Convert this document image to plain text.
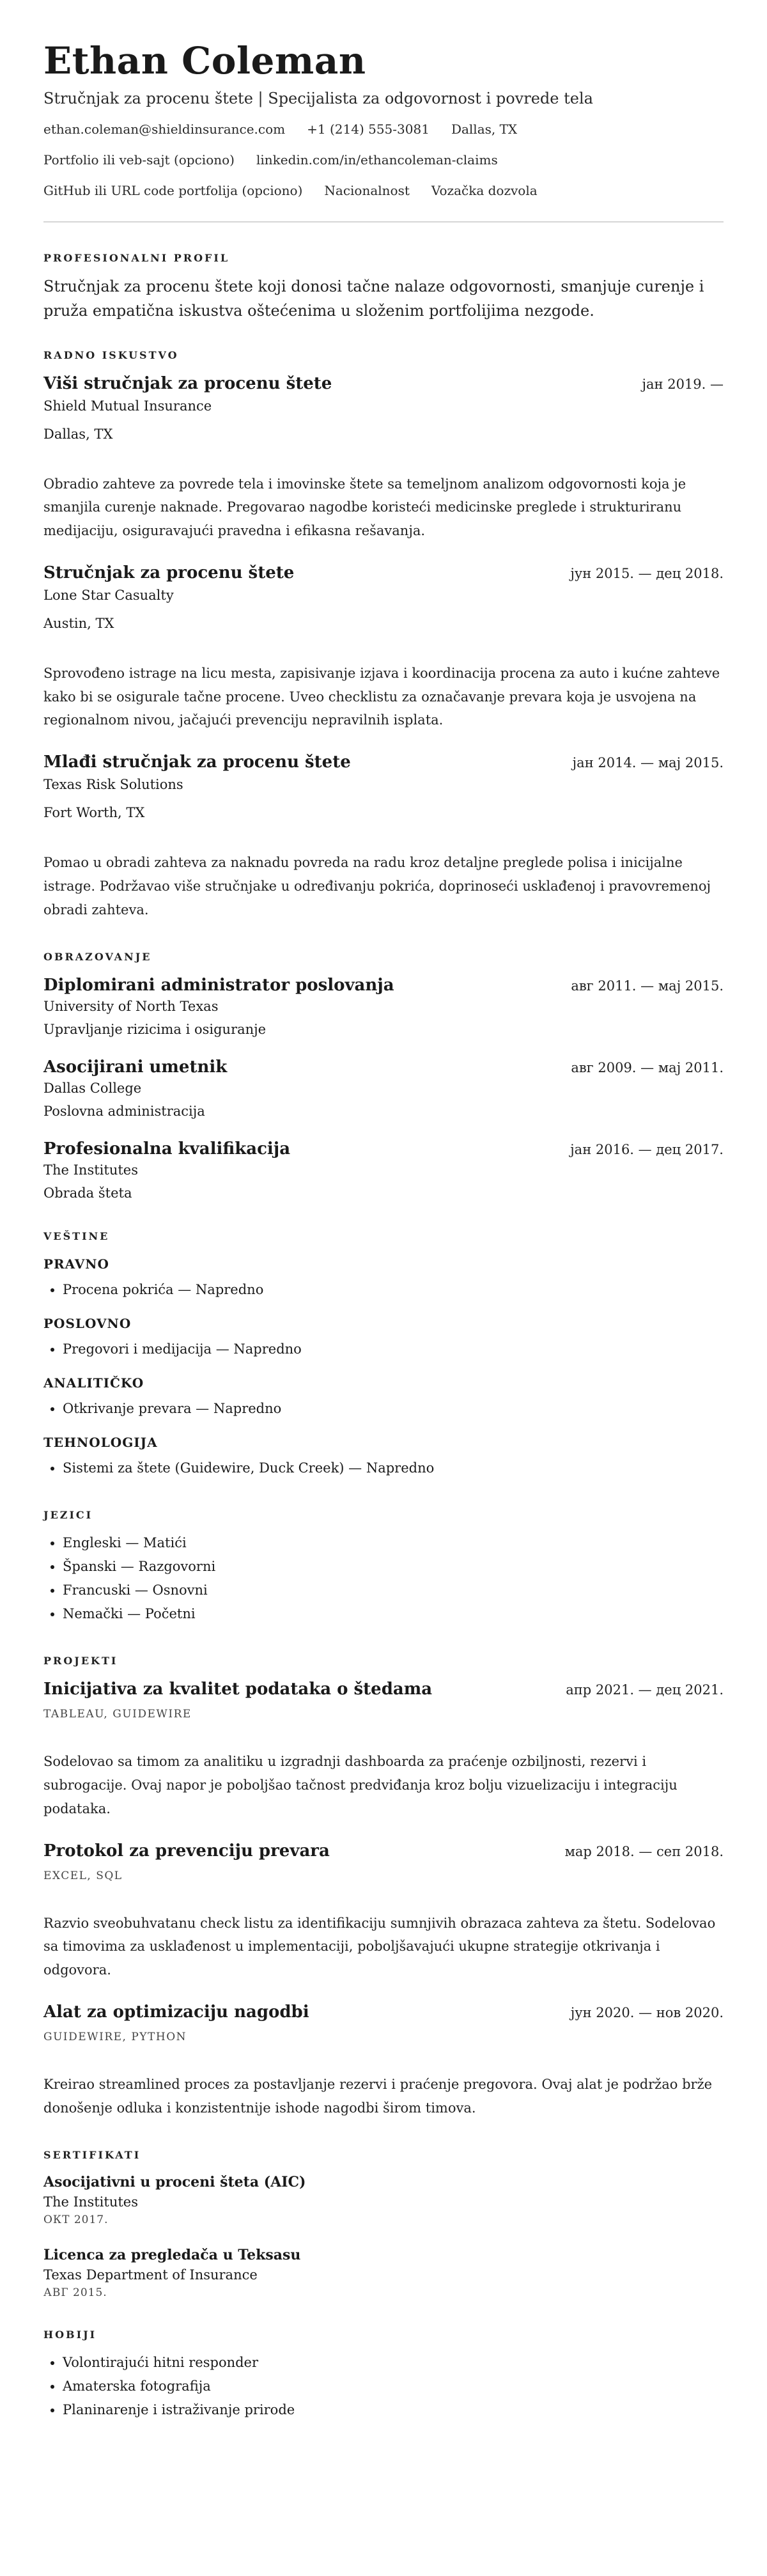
Ethan Coleman
Stručnjak za procenu štete | Specijalista za odgovornost i povrede tela
ethan.coleman@shieldinsurance.com +1 (214) 555-3081 Dallas, TX
Portfolio ili veb-sajt (opciono) linkedin.com/in/ethancoleman-claims
GitHub ili URL code portfolija (opciono) Nacionalnost Vozačka dozvola
PROFESIONALNI PROFIL
Stručnjak za procenu štete koji donosi tačne nalaze odgovornosti, smanjuje curenje i pruža empatična iskustva oštećenima u složenim portfolijima nezgode.
RADNO ISKUSTVO
Viši stručnjak za procenu štete	јан 2019. —
Shield Mutual Insurance
Dallas, TX
Obradio zahteve za povrede tela i imovinske štete sa temeljnom analizom odgovornosti koja je smanjila curenje naknade. Pregovarao nagodbe koristeći medicinske preglede i strukturiranu medijaciju, osiguravajući pravedna i efikasna rešavanja.
Stručnjak za procenu štete	јун 2015. — дец 2018.
Lone Star Casualty
Austin, TX
Sprovođeno istrage na licu mesta, zapisivanje izjava i koordinacija procena za auto i kućne zahteve kako bi se osigurale tačne procene. Uveo checklistu za označavanje prevara koja je usvojena na regionalnom nivou, jačajući prevenciju nepravilnih isplata.
Mlađi stručnjak za procenu štete	јан 2014. — мај 2015.
Texas Risk Solutions
Fort Worth, TX
Pomao u obradi zahteva za naknadu povreda na radu kroz detaljne preglede polisa i inicijalne istrage. Podržavao više stručnjake u određivanju pokrića, doprinoseći usklađenoj i pravovremenoj obradi zahteva.
OBRAZOVANJE
Diplomirani administrator poslovanja	авг 2011. — мај 2015.
University of North Texas
Upravljanje rizicima i osiguranje
Asocijirani umetnik	авг 2009. — мај 2011.
Dallas College
Poslovna administracija
Profesionalna kvalifikacija	јан 2016. — дец 2017.
The Institutes
Obrada šteta
VEŠTINE
PRAVNO
• Procena pokrića — Napredno
POSLOVNO
• Pregovori i medijacija — Napredno
ANALITIČKO
• Otkrivanje prevara — Napredno
TEHNOLOGIJA
• Sistemi za štete (Guidewire, Duck Creek) — Napredno
JEZICI
• Engleski — Matići
• Španski — Razgovorni
• Francuski — Osnovni
• Nemački — Početni
PROJEKTI
Inicijativa za kvalitet podataka o štedama	апр 2021. — дец 2021.
TABLEAU, GUIDEWIRE
Sodelovao sa timom za analitiku u izgradnji dashboarda za praćenje ozbiljnosti, rezervi i subrogacije. Ovaj napor je poboljšao tačnost predviđanja kroz bolju vizuelizaciju i integraciju podataka.
Protokol za prevenciju prevara	мар 2018. — сеп 2018.
EXCEL, SQL
Razvio sveobuhvatanu check listu za identifikaciju sumnjivih obrazaca zahteva za štetu. Sodelovao sa timovima za usklađenost u implementaciji, poboljšavajući ukupne strategije otkrivanja i odgovora.
Alat za optimizaciju nagodbi	јун 2020. — нов 2020.
GUIDEWIRE, PYTHON
Kreirao streamlined proces za postavljanje rezervi i praćenje pregovora. Ovaj alat je podržao brže donošenje odluka i konzistentnije ishode nagodbi širom timova.
SERTIFIKATI
Asocijativni u proceni šteta (AIC)
The Institutes
ОКТ 2017.
Licenca za pregledača u Teksasu
Texas Department of Insurance
АВГ 2015.
HOBIJI
• Volontirajući hitni responder
• Amaterska fotografija
• Planinarenje i istraživanje prirode
